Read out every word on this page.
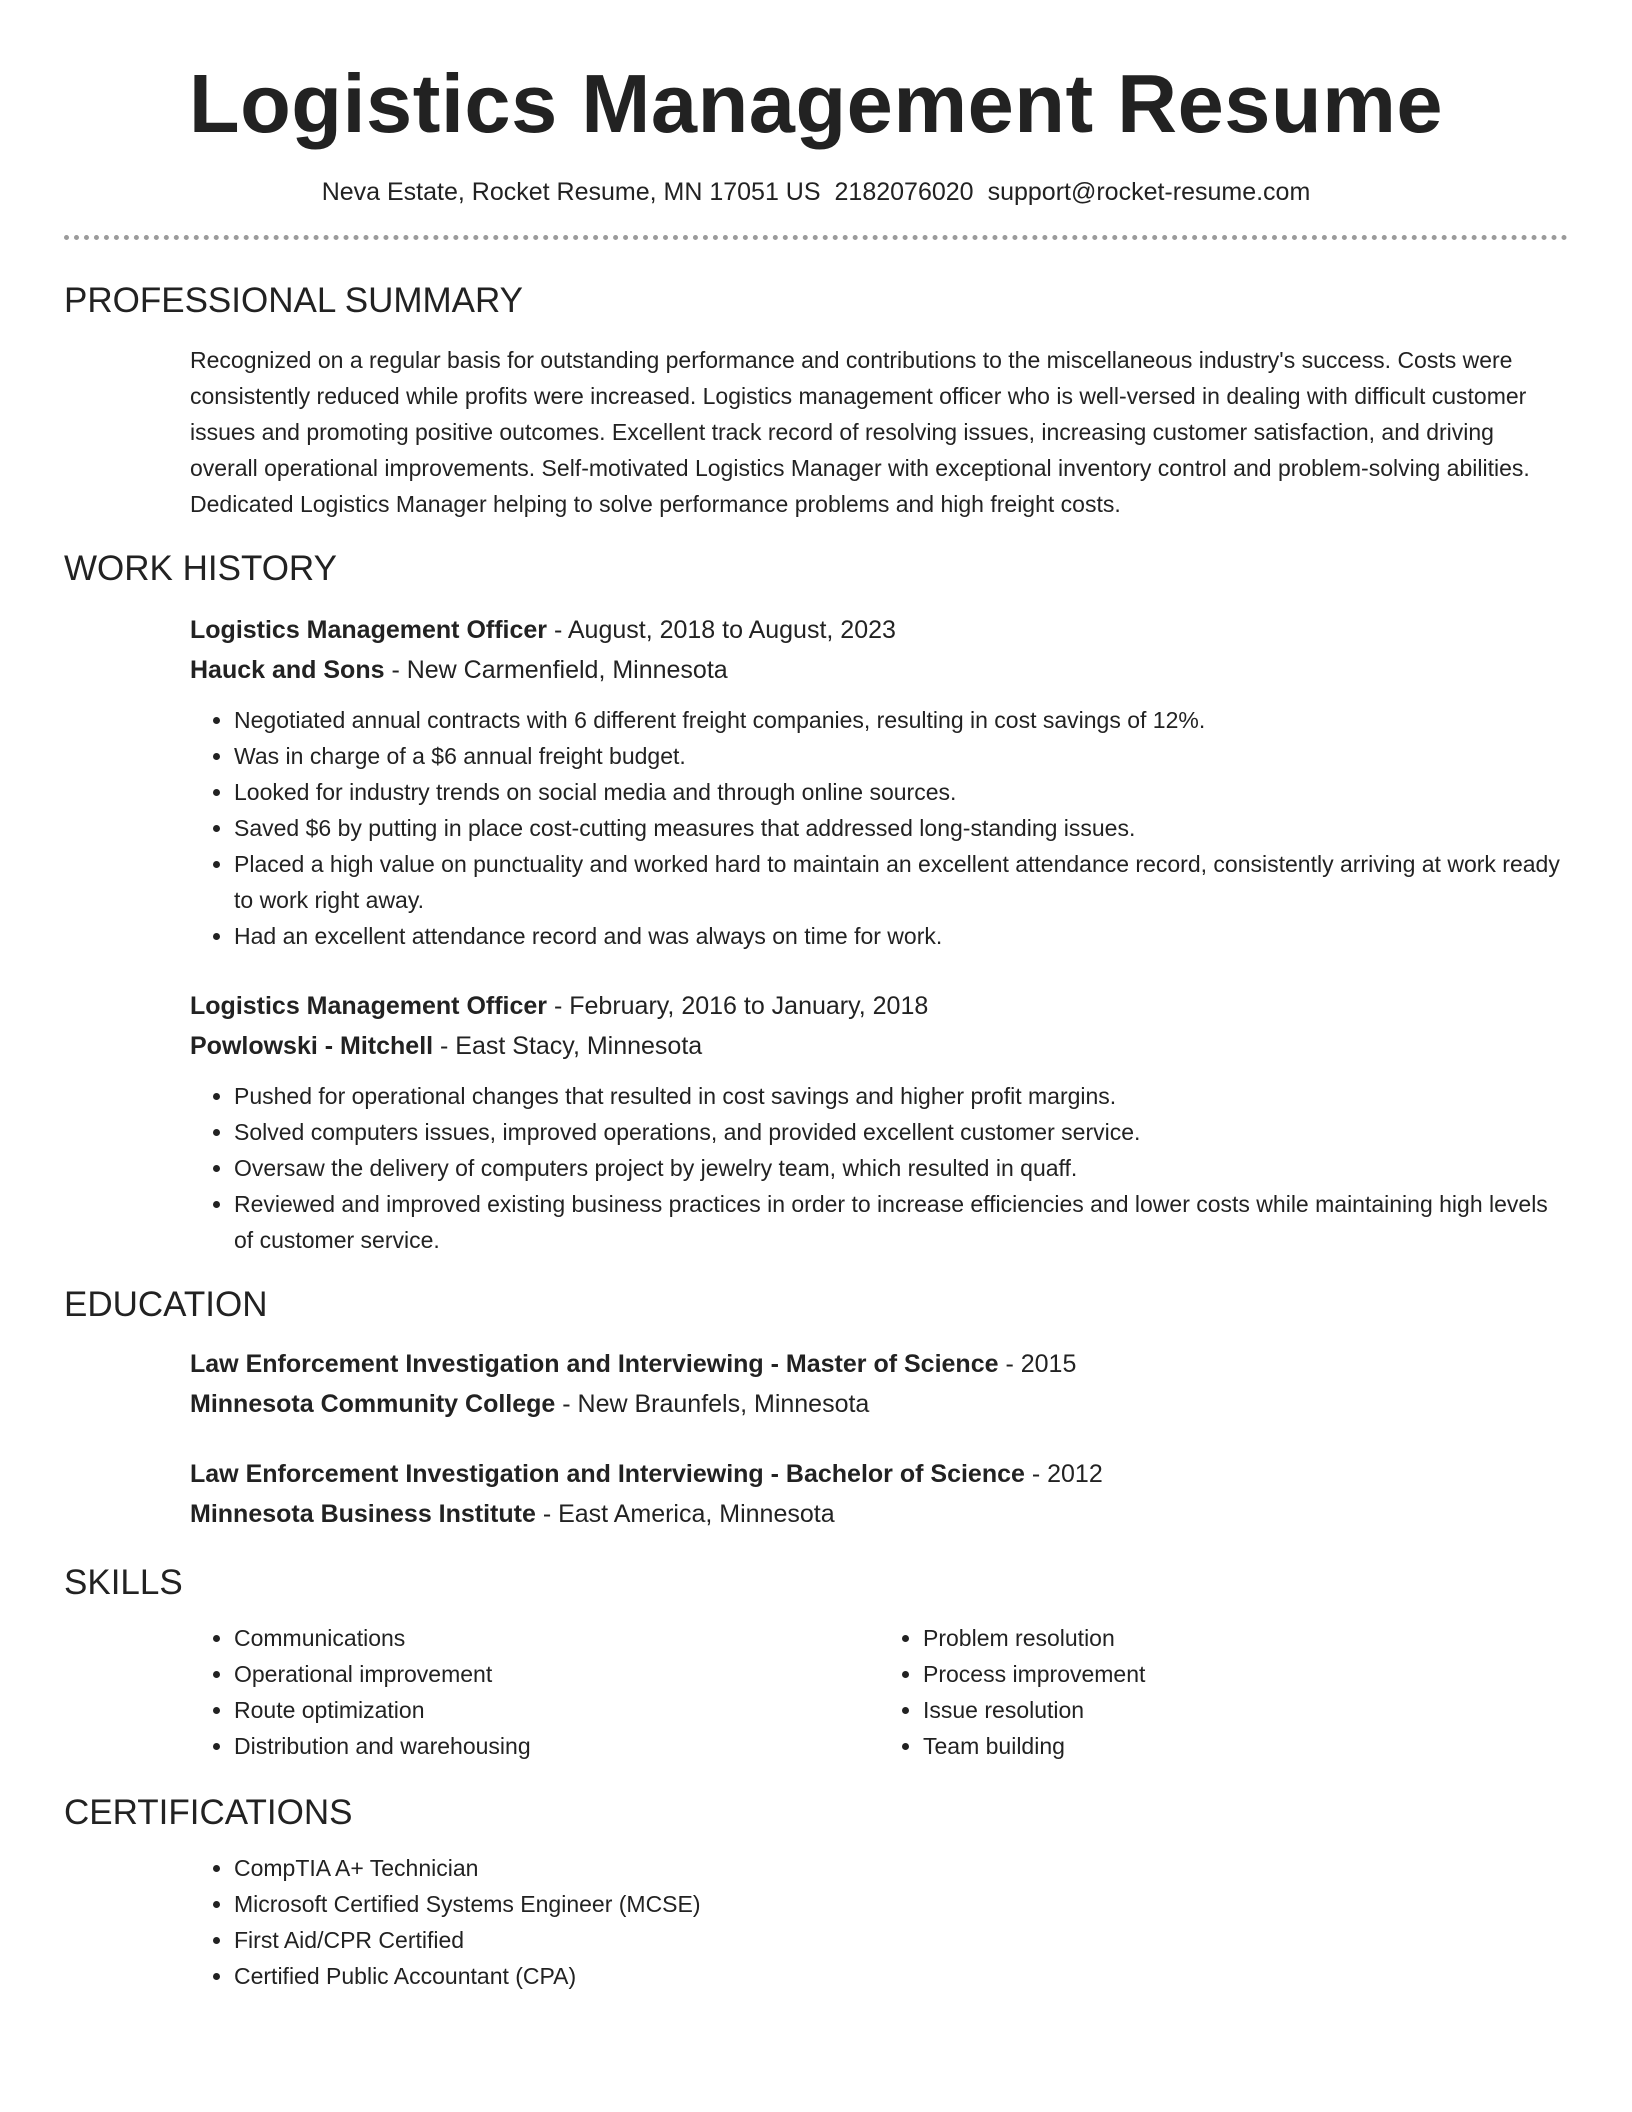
Logistics Management Resume
Neva Estate, Rocket Resume, MN 17051 US 2182076020 support@rocket-resume.com
PROFESSIONAL SUMMARY
Recognized on a regular basis for outstanding performance and contributions to the miscellaneous industry's success. Costs were consistently reduced while profits were increased. Logistics management officer who is well-versed in dealing with difficult customer issues and promoting positive outcomes. Excellent track record of resolving issues, increasing customer satisfaction, and driving overall operational improvements. Self-motivated Logistics Manager with exceptional inventory control and problem-solving abilities. Dedicated Logistics Manager helping to solve performance problems and high freight costs.
WORK HISTORY
Logistics Management Officer - August, 2018 to August, 2023
Hauck and Sons - New Carmenfield, Minnesota
• Negotiated annual contracts with 6 different freight companies, resulting in cost savings of 12%.
• Was in charge of a $6 annual freight budget.
• Looked for industry trends on social media and through online sources.
• Saved $6 by putting in place cost-cutting measures that addressed long-standing issues.
• Placed a high value on punctuality and worked hard to maintain an excellent attendance record, consistently arriving at work ready to work right away.
• Had an excellent attendance record and was always on time for work.
Logistics Management Officer - February, 2016 to January, 2018
Powlowski - Mitchell - East Stacy, Minnesota
• Pushed for operational changes that resulted in cost savings and higher profit margins.
• Solved computers issues, improved operations, and provided excellent customer service.
• Oversaw the delivery of computers project by jewelry team, which resulted in quaff.
• Reviewed and improved existing business practices in order to increase efficiencies and lower costs while maintaining high levels of customer service.
EDUCATION
Law Enforcement Investigation and Interviewing - Master of Science - 2015
Minnesota Community College - New Braunfels, Minnesota
Law Enforcement Investigation and Interviewing - Bachelor of Science - 2012
Minnesota Business Institute - East America, Minnesota
SKILLS
• Communications
• Operational improvement
• Route optimization
• Distribution and warehousing
• Problem resolution
• Process improvement
• Issue resolution
• Team building
CERTIFICATIONS
• CompTIA A+ Technician
• Microsoft Certified Systems Engineer (MCSE)
• First Aid/CPR Certified
• Certified Public Accountant (CPA)
